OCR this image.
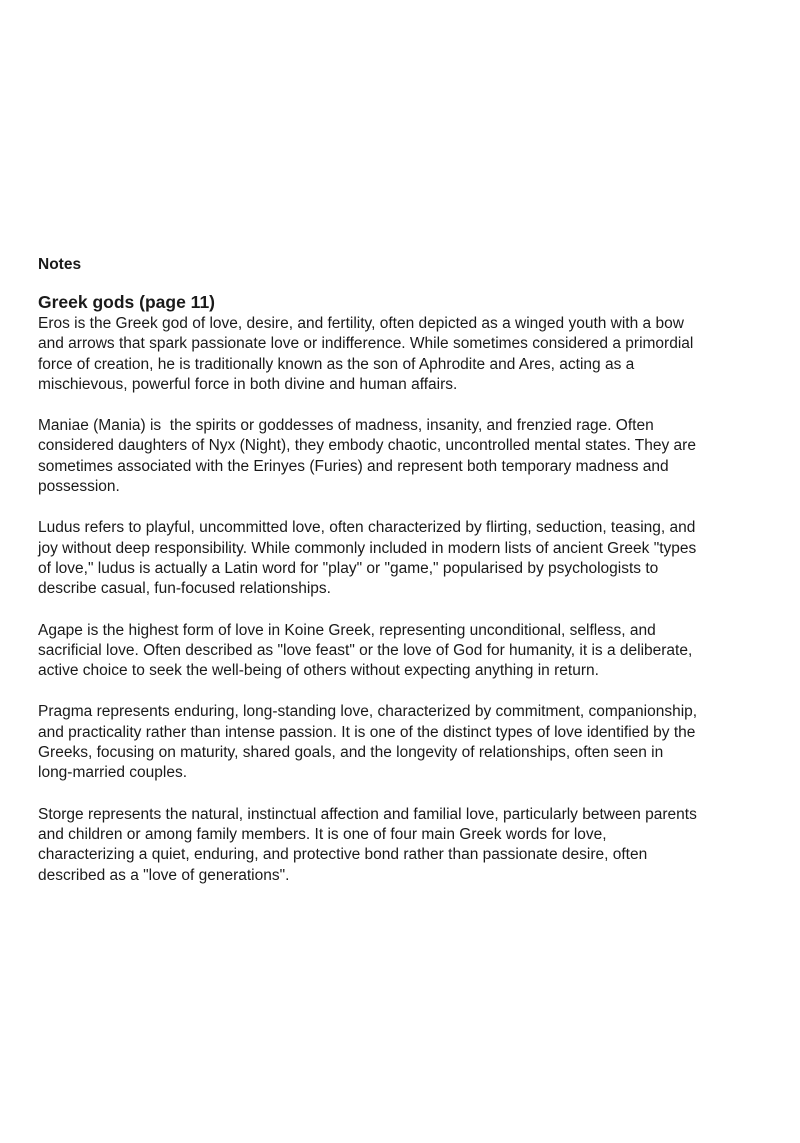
Notes
Greek gods (page 11)
Eros is the Greek god of love, desire, and fertility, often depicted as a winged youth with a bow
and arrows that spark passionate love or indifference. While sometimes considered a primordial
force of creation, he is traditionally known as the son of Aphrodite and Ares, acting as a
mischievous, powerful force in both divine and human affairs.
Maniae (Mania) is  the spirits or goddesses of madness, insanity, and frenzied rage. Often
considered daughters of Nyx (Night), they embody chaotic, uncontrolled mental states. They are
sometimes associated with the Erinyes (Furies) and represent both temporary madness and
possession.
Ludus refers to playful, uncommitted love, often characterized by flirting, seduction, teasing, and
joy without deep responsibility. While commonly included in modern lists of ancient Greek "types
of love," ludus is actually a Latin word for "play" or "game," popularised by psychologists to
describe casual, fun-focused relationships.
Agape is the highest form of love in Koine Greek, representing unconditional, selfless, and
sacrificial love. Often described as "love feast" or the love of God for humanity, it is a deliberate,
active choice to seek the well-being of others without expecting anything in return.
Pragma represents enduring, long-standing love, characterized by commitment, companionship,
and practicality rather than intense passion. It is one of the distinct types of love identified by the
Greeks, focusing on maturity, shared goals, and the longevity of relationships, often seen in
long-married couples.
Storge represents the natural, instinctual affection and familial love, particularly between parents
and children or among family members. It is one of four main Greek words for love,
characterizing a quiet, enduring, and protective bond rather than passionate desire, often
described as a "love of generations".
